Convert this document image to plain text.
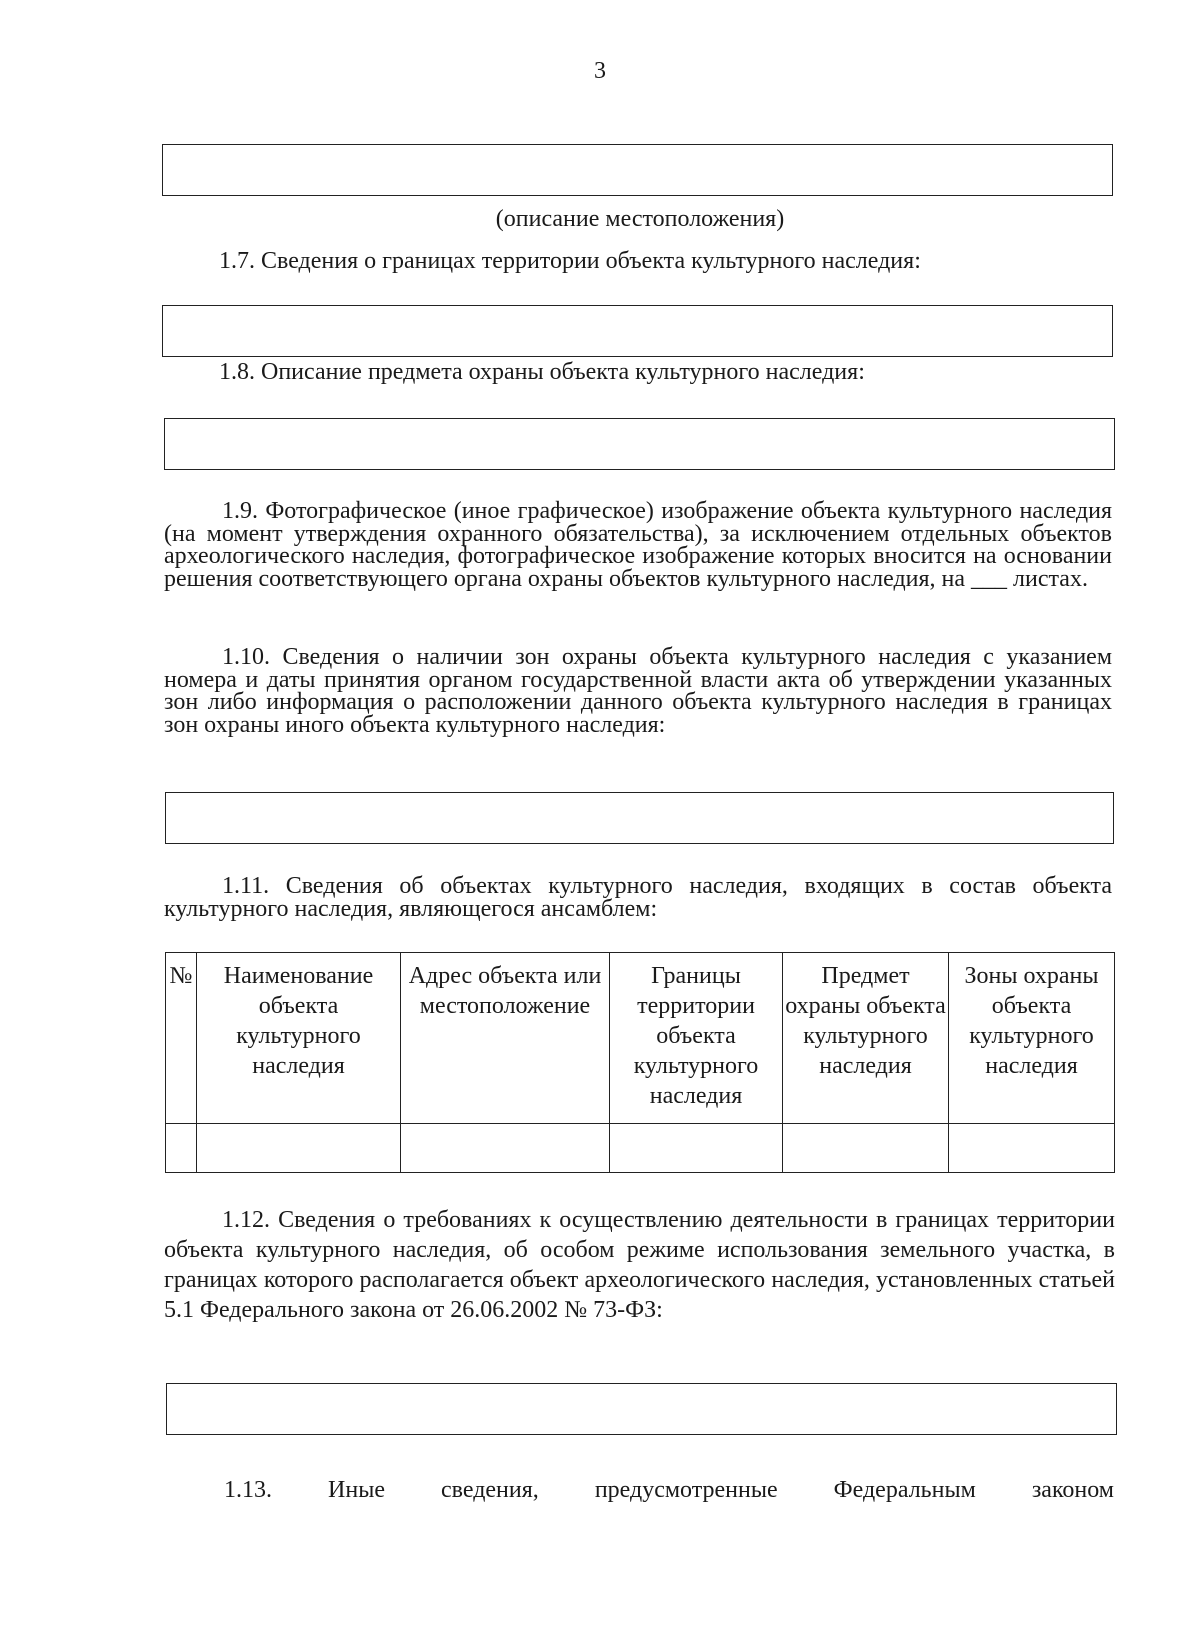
3
(описание местоположения)
1.7. Сведения о границах территории объекта культурного наследия:
1.8. Описание предмета охраны объекта культурного наследия:
1.9. Фотографическое (иное графическое) изображение объекта культурного наследия (на момент утверждения охранного обязательства), за исключением отдельных объектов археологического наследия, фотографическое изображение которых вносится на основании решения соответствующего органа охраны объектов культурного наследия, на ___ листах.
1.10. Сведения о наличии зон охраны объекта культурного наследия с указанием номера и даты принятия органом государственной власти акта об утверждении указанных зон либо информация о расположении данного объекта культурного наследия в границах зон охраны иного объекта культурного наследия:
1.11. Сведения об объектах культурного наследия, входящих в состав объекта культурного наследия, являющегося ансамблем:
№	Наименование объекта культурного наследия	Адрес объекта или местоположение	Границы территории объекта культурного наследия	Предмет охраны объекта культурного наследия	Зоны охраны объекта культурного наследия

1.12. Сведения о требованиях к осуществлению деятельности в границах территории объекта культурного наследия, об особом режиме использования земельного участка, в границах которого располагается объект археологического наследия, установленных статьей 5.1 Федерального закона от 26.06.2002 № 73-ФЗ:
1.13. Иные сведения, предусмотренные Федеральным законом
